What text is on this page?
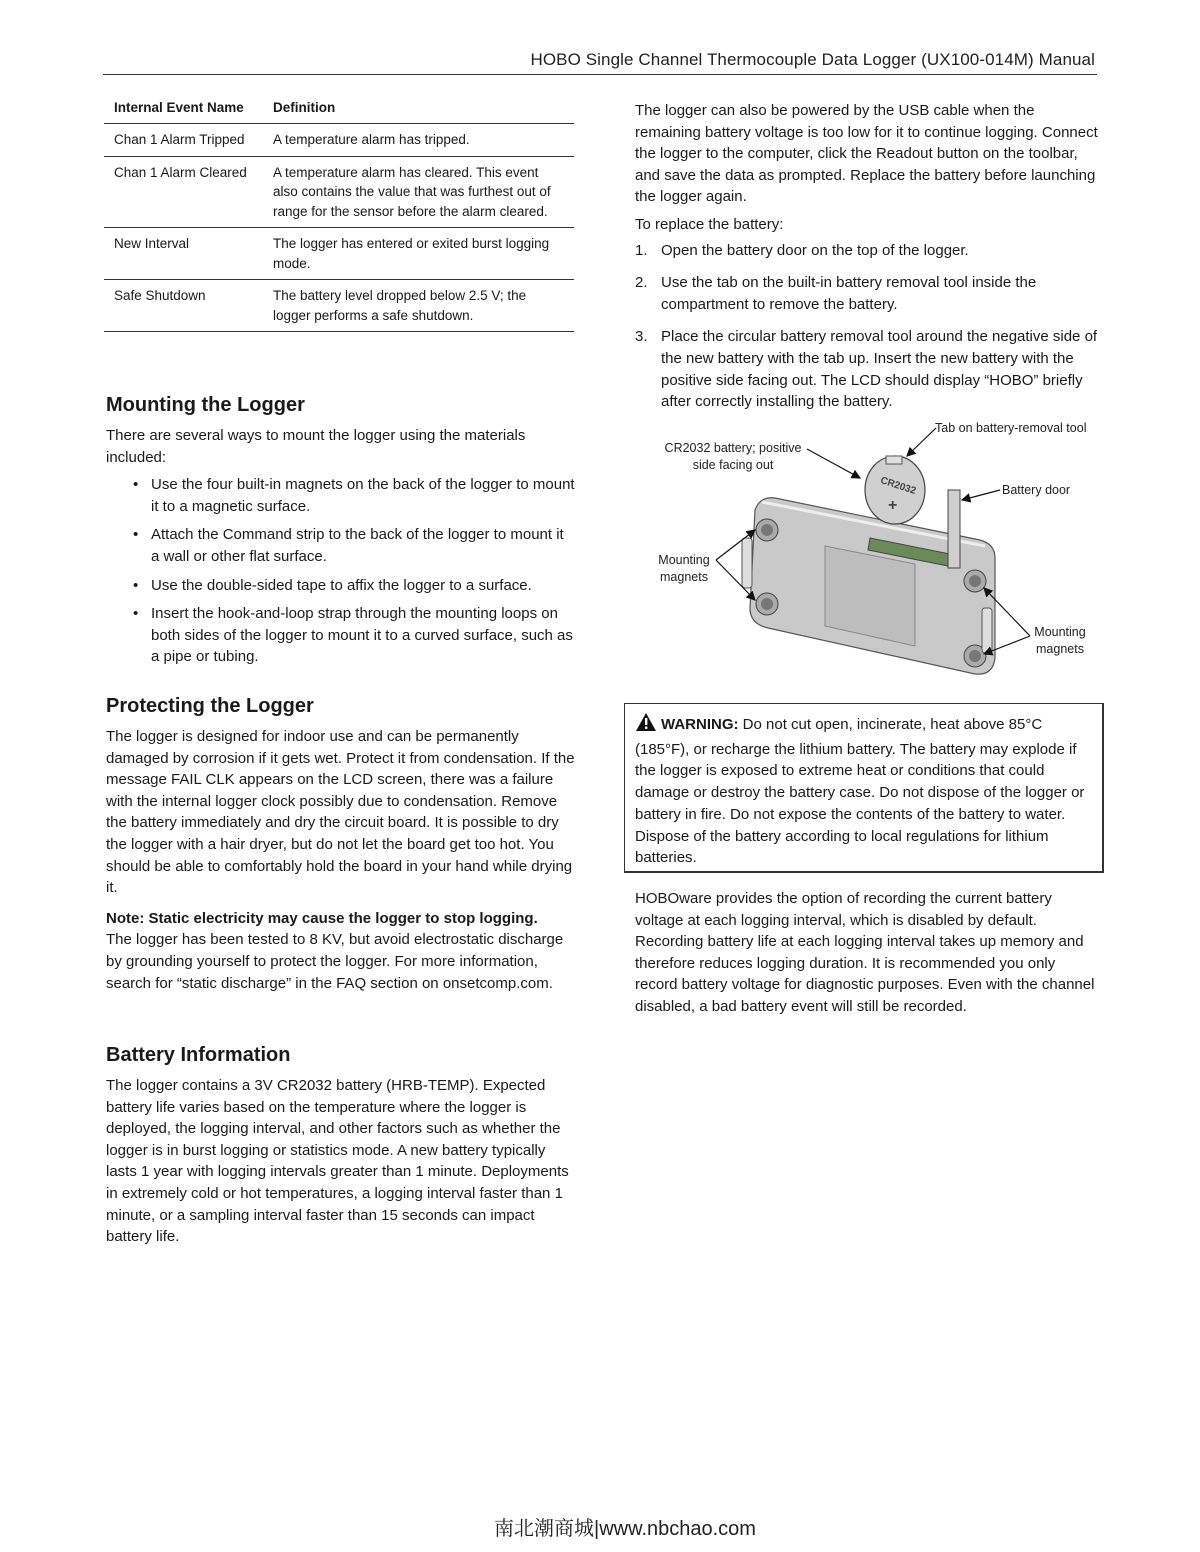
HOBO Single Channel Thermocouple Data Logger (UX100-014M) Manual
Internal Event Name	Definition
Chan 1 Alarm Tripped	A temperature alarm has tripped.
Chan 1 Alarm Cleared	A temperature alarm has cleared. This event also contains the value that was furthest out of range for the sensor before the alarm cleared.
New Interval	The logger has entered or exited burst logging mode.
Safe Shutdown	The battery level dropped below 2.5 V; the logger performs a safe shutdown.
Mounting the Logger

There are several ways to mount the logger using the materials included:

• Use the four built-in magnets on the back of the logger to mount it to a magnetic surface.
• Attach the Command strip to the back of the logger to mount it a wall or other flat surface.
• Use the double-sided tape to affix the logger to a surface.
• Insert the hook-and-loop strap through the mounting loops on both sides of the logger to mount it to a curved surface, such as a pipe or tubing.
Protecting the Logger

The logger is designed for indoor use and can be permanently damaged by corrosion if it gets wet. Protect it from condensation. If the message FAIL CLK appears on the LCD screen, there was a failure with the internal logger clock possibly due to condensation. Remove the battery immediately and dry the circuit board. It is possible to dry the logger with a hair dryer, but do not let the board get too hot. You should be able to comfortably hold the board in your hand while drying it.

Note: Static electricity may cause the logger to stop logging.
The logger has been tested to 8 KV, but avoid electrostatic discharge by grounding yourself to protect the logger. For more information, search for “static discharge” in the FAQ section on onsetcomp.com.

Battery Information

The logger contains a 3V CR2032 battery (HRB-TEMP). Expected battery life varies based on the temperature where the logger is deployed, the logging interval, and other factors such as whether the logger is in burst logging or statistics mode. A new battery typically lasts 1 year with logging intervals greater than 1 minute. Deployments in extremely cold or hot temperatures, a logging interval faster than 1 minute, or a sampling interval faster than 15 seconds can impact battery life.

The logger can also be powered by the USB cable when the remaining battery voltage is too low for it to continue logging. Connect the logger to the computer, click the Readout button on the toolbar, and save the data as prompted. Replace the battery before launching the logger again.

To replace the battery:

1. Open the battery door on the top of the logger.
2. Use the tab on the built-in battery removal tool inside the compartment to remove the battery.
3. Place the circular battery removal tool around the negative side of the new battery with the tab up. Insert the new battery with the positive side facing out. The LCD should display “HOBO” briefly after correctly installing the battery.
CR2032
+
Tab on battery-removal tool
CR2032 battery; positive side facing out
Battery door
Mounting magnets
Mounting magnets

WARNING: Do not cut open, incinerate, heat above 85°C (185°F), or recharge the lithium battery. The battery may explode if the logger is exposed to extreme heat or conditions that could damage or destroy the battery case. Do not dispose of the logger or battery in fire. Do not expose the contents of the battery to water. Dispose of the battery according to local regulations for lithium batteries.

HOBOware provides the option of recording the current battery voltage at each logging interval, which is disabled by default. Recording battery life at each logging interval takes up memory and therefore reduces logging duration. It is recommended you only record battery voltage for diagnostic purposes. Even with the channel disabled, a bad battery event will still be recorded.

南北潮商城|www.nbchao.com
